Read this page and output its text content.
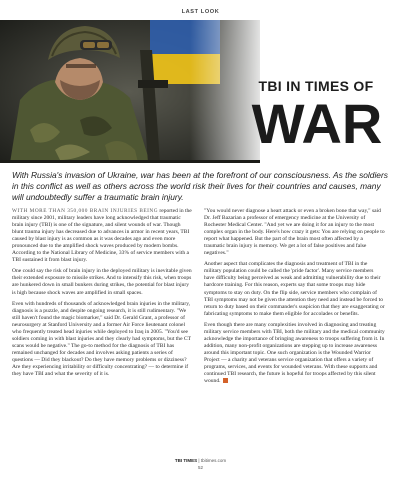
LAST LOOK
TBI IN TIMES OF
WAR
With Russia's invasion of Ukraine, war has been at the forefront of our consciousness. As the soldiers in this conflict as well as others across the world risk their lives for their countries and causes, many will undoubtedly suffer a traumatic brain injury.

WITH MORE THAN 350,000 BRAIN INJURIES BEING reported in the military since 2001, military leaders have long acknowledged that traumatic brain injury (TBI) is one of the signature, and silent wounds of war. Though blunt trauma injury has decreased due to advances in armor in recent years, TBI caused by blast injury is as common as it was decades ago and even more pronounced due to the amplified shock waves produced by modern bombs. According to the National Library of Medicine, 33% of service members with a TBI sustained it from blast injury.

One could say the risk of brain injury in the deployed military is inevitable given their extended exposure to missile strikes. And to intensify this risk, when troops are hunkered down in small bunkers during strikes, the potential for blast injury is high because shock waves are amplified in small spaces.

Even with hundreds of thousands of acknowledged brain injuries in the military, diagnosis is a puzzle, and despite ongoing research, it is still rudimentary. "We still haven't found the magic biomarker," said Dr. Gerald Grant, a professor of neurosurgery at Stanford University and a former Air Force lieutenant colonel who frequently treated head injuries while deployed to Iraq in 2005. "You'd see soldiers coming in with blast injuries and they clearly had symptoms, but the CT scans would be negative." The go-to method for the diagnosis of TBI has remained unchanged for decades and involves asking patients a series of questions — Did they blackout? Do they have memory problems or dizziness? Are they experiencing irritability or difficulty concentrating? — to determine if they have TBI and what the severity of it is.

"You would never diagnose a heart attack or even a broken bone that way," said Dr. Jeff Bazarian a professor of emergency medicine at the University of Rochester Medical Center. "And yet we are doing it for an injury to the most complex organ in the body. Here's how crazy it gets: You are relying on people to report what happened. But the part of the brain most often affected by a traumatic brain injury is memory. We get a lot of false positives and false negatives."

Another aspect that complicates the diagnosis and treatment of TBI in the military population could be called the 'pride factor'. Many service members have difficulty being perceived as weak and admitting vulnerability due to their hardcore training. For this reason, experts say that some troops may hide symptoms to stay on duty. On the flip side, service members who complain of TBI symptoms may not be given the attention they need and instead be forced to return to duty based on their commander's suspicion that they are exaggerating or fabricating symptoms to make them eligible for accolades or benefits.

Even though there are many complexities involved in diagnosing and treating military service members with TBI, both the military and the medical community acknowledge the importance of bringing awareness to troops suffering from it. In addition, many non-profit organizations are stepping up to increase awareness around this important topic. One such organization is the Wounded Warrior Project — a charity and veterans service organization that offers a variety of programs, services, and events for wounded veterans. With these supports and continued TBI research, the future is hopeful for troops affected by this silent wound.

TBI TIMES | tbitimes.com
52
